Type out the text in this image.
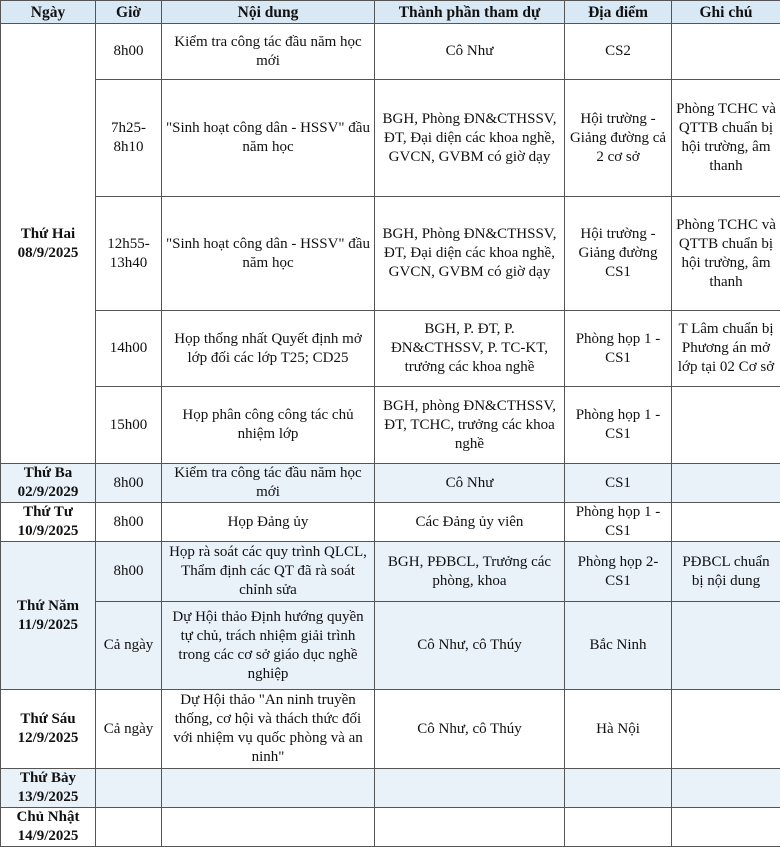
Ngày	Giờ	Nội dung	Thành phần tham dự	Địa điểm	Ghi chú
Thứ Hai
08/9/2025	8h00	Kiểm tra công tác đầu năm học mới	Cô Như	CS2	
	7h25-8h10	"Sinh hoạt công dân - HSSV" đầu năm học	BGH, Phòng ĐN&CTHSSV, ĐT, Đại diện các khoa nghề, GVCN, GVBM có giờ dạy	Hội trường - Giảng đường cả 2 cơ sở	Phòng TCHC và QTTB chuẩn bị hội trường, âm thanh
	12h55-13h40	"Sinh hoạt công dân - HSSV" đầu năm học	BGH, Phòng ĐN&CTHSSV, ĐT, Đại diện các khoa nghề, GVCN, GVBM có giờ dạy	Hội trường - Giảng đường CS1	Phòng TCHC và QTTB chuẩn bị hội trường, âm thanh
	14h00	Họp thống nhất Quyết định mở lớp đối các lớp T25; CD25	BGH, P. ĐT, P. ĐN&CTHSSV, P. TC-KT, trưởng các khoa nghề	Phòng họp 1 - CS1	T Lâm chuẩn bị Phương án mở lớp tại 02 Cơ sở
	15h00	Họp phân công công tác chủ nhiệm lớp	BGH, phòng ĐN&CTHSSV, ĐT, TCHC, trưởng các khoa nghề	Phòng họp 1 - CS1	
Thứ Ba
02/9/2029	8h00	Kiểm tra công tác đầu năm học mới	Cô Như	CS1	
Thứ Tư
10/9/2025	8h00	Họp Đảng ủy	Các Đảng ủy viên	Phòng họp 1 - CS1	
Thứ Năm
11/9/2025	8h00	Họp rà soát các quy trình QLCL, Thẩm định các QT đã rà soát chỉnh sửa	BGH, PĐBCL, Trưởng các phòng, khoa	Phòng họp 2-CS1	PĐBCL chuẩn bị nội dung
	Cả ngày	Dự Hội thảo Định hướng quyền tự chủ, trách nhiệm giải trình trong các cơ sở giáo dục nghề nghiệp	Cô Như, cô Thúy	Bắc Ninh	
Thứ Sáu
12/9/2025	Cả ngày	Dự Hội thảo "An ninh truyền thống, cơ hội và thách thức đối với nhiệm vụ quốc phòng và an ninh"	Cô Như, cô Thúy	Hà Nội	
Thứ Bảy
13/9/2025					
Chủ Nhật
14/9/2025					
